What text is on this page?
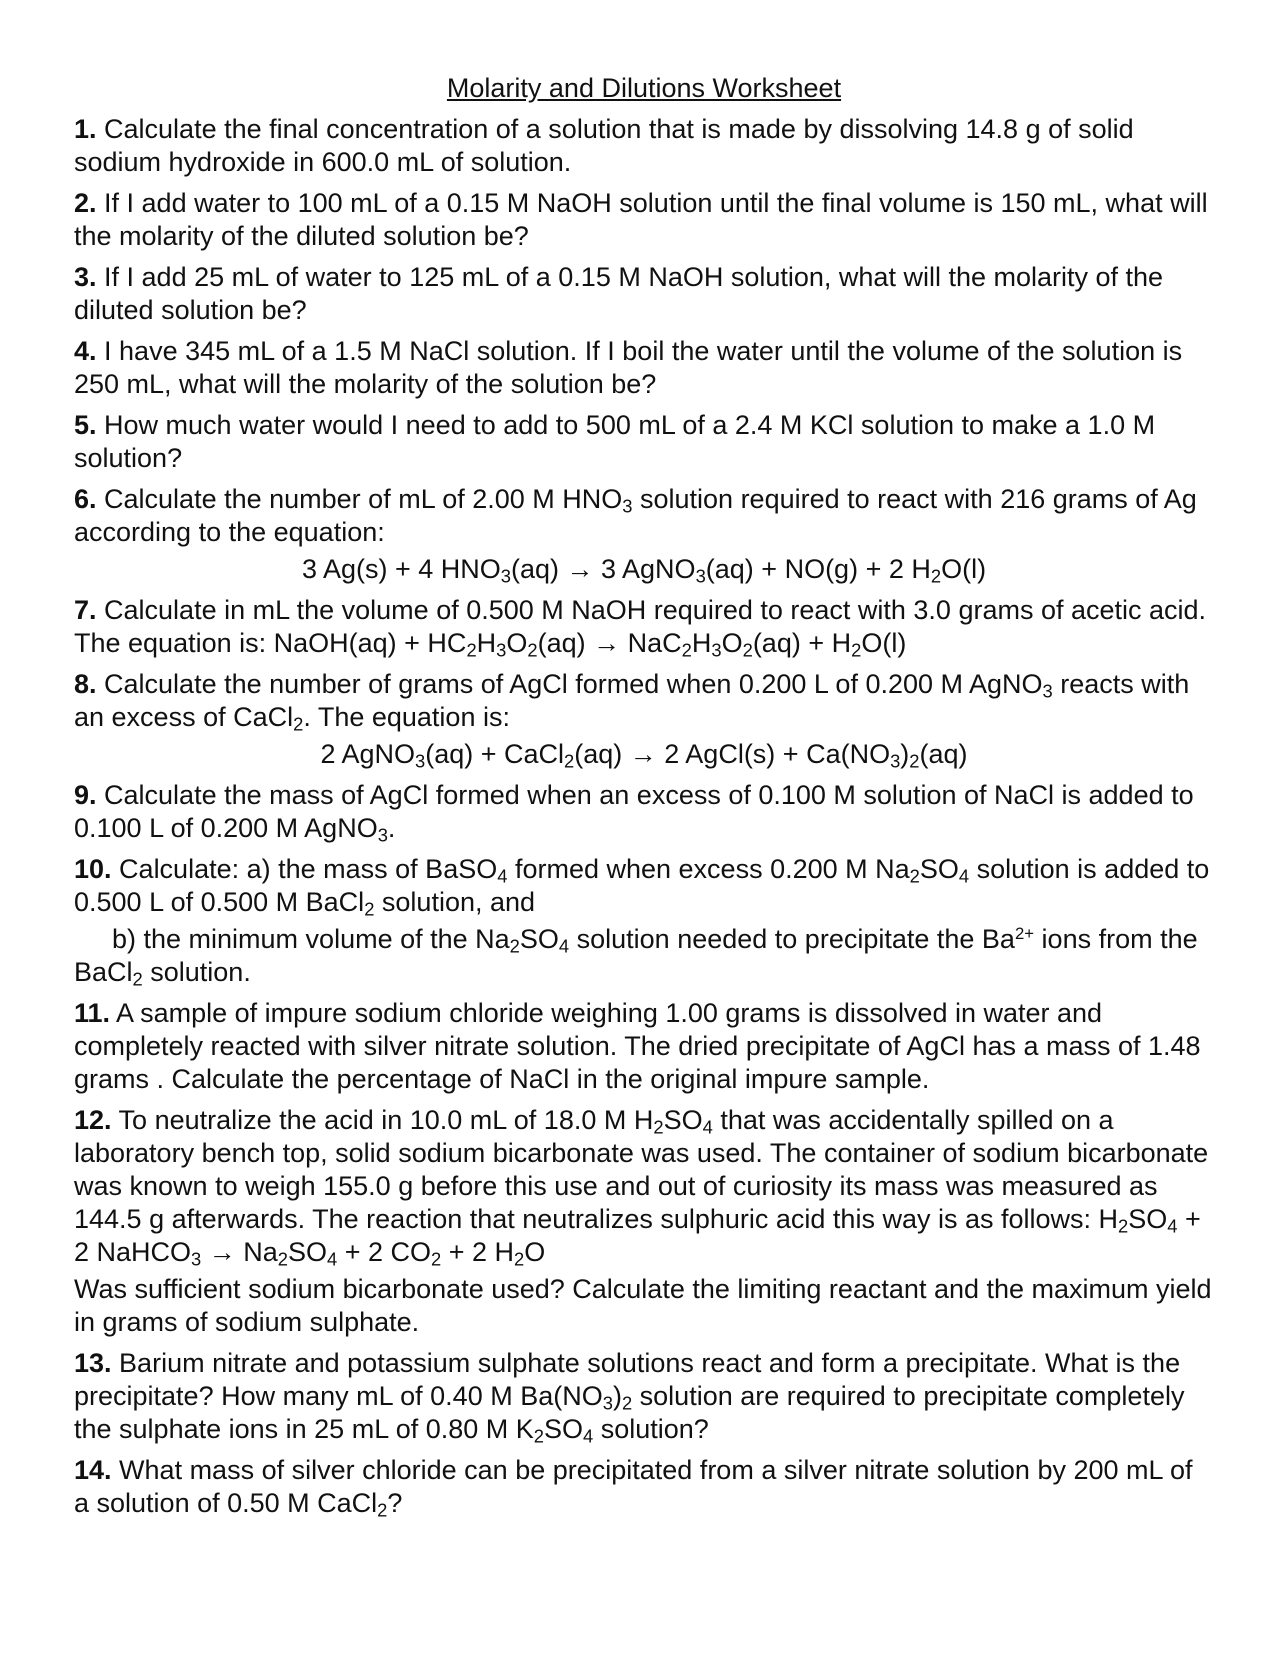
Molarity and Dilutions Worksheet
1. Calculate the final concentration of a solution that is made by dissolving 14.8 g of solid sodium hydroxide in 600.0 mL of solution.
2. If I add water to 100 mL of a 0.15 M NaOH solution until the final volume is 150 mL, what will the molarity of the diluted solution be?
3. If I add 25 mL of water to 125 mL of a 0.15 M NaOH solution, what will the molarity of the diluted solution be?
4. I have 345 mL of a 1.5 M NaCl solution. If I boil the water until the volume of the solution is 250 mL, what will the molarity of the solution be?
5. How much water would I need to add to 500 mL of a 2.4 M KCl solution to make a 1.0 M solution?
6. Calculate the number of mL of 2.00 M $HNO_3$ solution required to react with 216 grams of Ag according to the equation:
3 Ag(s) + 4 $HNO_3(aq) \to 3$ AgNO$_3$(aq) + NO(g) + 2 $H_2O(l)$
7. Calculate in mL the volume of 0.500 M NaOH required to react with 3.0 grams of acetic acid. The equation is: NaOH(aq) + $HC_2H_3O_2(aq) \to NaC_2H_3O_2(aq) + H_2O(l)$
8. Calculate the number of grams of AgCl formed when 0.200 L of 0.200 M AgNO$_3$ reacts with an excess of CaCl$_2$. The equation is:
2 AgNO$_3$(aq) + CaCl$_2$(aq) → 2 AgCl(s) + $Ca(NO_3)_2(aq)$
9. Calculate the mass of AgCl formed when an excess of 0.100 M solution of NaCl is added to 0.100 L of 0.200 M AgNO$_3$.
10. Calculate: a) the mass of BaSO$_4$ formed when excess 0.200 M $Na_2SO_4$ solution is added to 0.500 L of 0.500 M BaCl$_2$ solution, and
b) the minimum volume of the $Na_2SO_4$ solution needed to precipitate the $Ba^{2+}$ ions from the BaCl$_2$ solution.
11. A sample of impure sodium chloride weighing 1.00 grams is dissolved in water and completely reacted with silver nitrate solution. The dried precipitate of AgCl has a mass of 1.48 grams . Calculate the percentage of NaCl in the original impure sample.
12. To neutralize the acid in 10.0 mL of 18.0 M $H_2SO_4$ that was accidentally spilled on a laboratory bench top, solid sodium bicarbonate was used. The container of sodium bicarbonate was known to weigh 155.0 g before this use and out of curiosity its mass was measured as 144.5 g afterwards. The reaction that neutralizes sulphuric acid this way is as follows: $H_2SO_4 + 2$ NaHCO$_3$ → $Na_2SO_4 + 2$ $CO_2 + 2$ $H_2O$
Was sufficient sodium bicarbonate used? Calculate the limiting reactant and the maximum yield in grams of sodium sulphate.
13. Barium nitrate and potassium sulphate solutions react and form a precipitate. What is the precipitate? How many mL of 0.40 M $Ba(NO_3)_2$ solution are required to precipitate completely the sulphate ions in 25 mL of 0.80 M $K_2SO_4$ solution?
14. What mass of silver chloride can be precipitated from a silver nitrate solution by 200 mL of a solution of 0.50 M CaCl$_2$?
